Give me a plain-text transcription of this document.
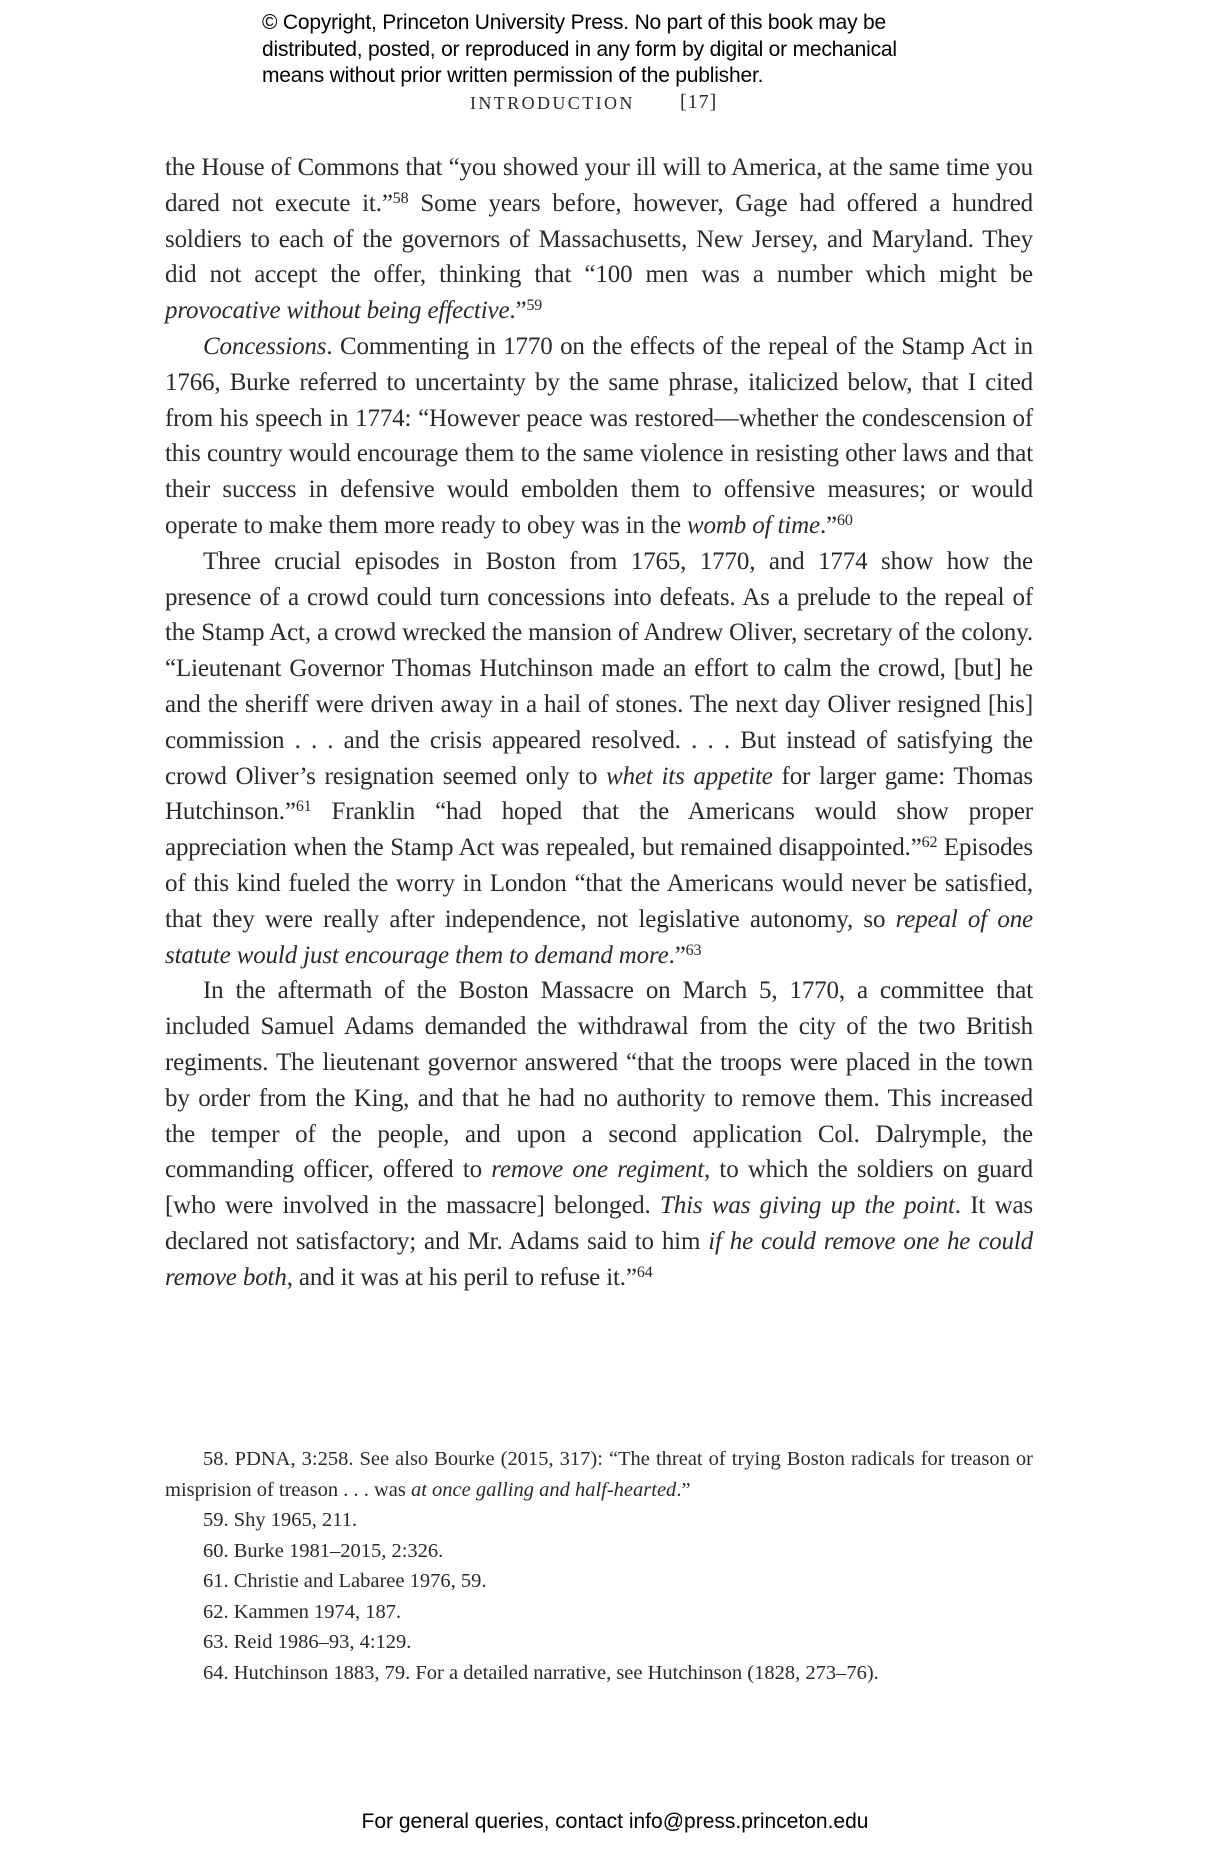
© Copyright, Princeton University Press. No part of this book may be
distributed, posted, or reproduced in any form by digital or mechanical
means without prior written permission of the publisher.
INTRODUCTION [17]

the House of Commons that “you showed your ill will to America, at the same time you dared not execute it.”$^{58}$ Some years before, however, Gage had offered a hundred soldiers to each of the governors of Massachusetts, New Jersey, and Maryland. They did not accept the offer, thinking that “100 men was a number which might be provocative without being effective.”$^{59}$

Concessions. Commenting in 1770 on the effects of the repeal of the Stamp Act in 1766, Burke referred to uncertainty by the same phrase, italicized below, that I cited from his speech in 1774: “However peace was restored—whether the condescension of this country would encourage them to the same violence in resisting other laws and that their success in defensive would embolden them to offensive measures; or would operate to make them more ready to obey was in the womb of time.”$^{60}$

Three crucial episodes in Boston from 1765, 1770, and 1774 show how the presence of a crowd could turn concessions into defeats. As a prelude to the repeal of the Stamp Act, a crowd wrecked the mansion of Andrew Oliver, secretary of the colony. “Lieutenant Governor Thomas Hutchinson made an effort to calm the crowd, [but] he and the sheriff were driven away in a hail of stones. The next day Oliver resigned [his] commission . . . and the crisis appeared resolved. . . . But instead of satisfying the crowd Oliver’s resignation seemed only to whet its appetite for larger game: Thomas Hutchinson.”$^{61}$ Franklin “had hoped that the Americans would show proper appreciation when the Stamp Act was repealed, but remained disappointed.”$^{62}$ Episodes of this kind fueled the worry in London “that the Americans would never be satisfied, that they were really after independence, not legislative autonomy, so repeal of one statute would just encourage them to demand more.”$^{63}$

In the aftermath of the Boston Massacre on March 5, 1770, a committee that included Samuel Adams demanded the withdrawal from the city of the two British regiments. The lieutenant governor answered “that the troops were placed in the town by order from the King, and that he had no authority to remove them. This increased the temper of the people, and upon a second application Col. Dalrymple, the commanding officer, offered to remove one regiment, to which the soldiers on guard [who were involved in the massacre] belonged. This was giving up the point. It was declared not satisfactory; and Mr. Adams said to him if he could remove one he could remove both, and it was at his peril to refuse it.”$^{64}$

58. PDNA, 3:258. See also Bourke (2015, 317): “The threat of trying Boston radicals for treason or misprision of treason . . . was at once galling and half-hearted.”

59. Shy 1965, 211.

60. Burke 1981–2015, 2:326.

61. Christie and Labaree 1976, 59.

62. Kammen 1974, 187.

63. Reid 1986–93, 4:129.

64. Hutchinson 1883, 79. For a detailed narrative, see Hutchinson (1828, 273–76).

For general queries, contact info@press.princeton.edu
